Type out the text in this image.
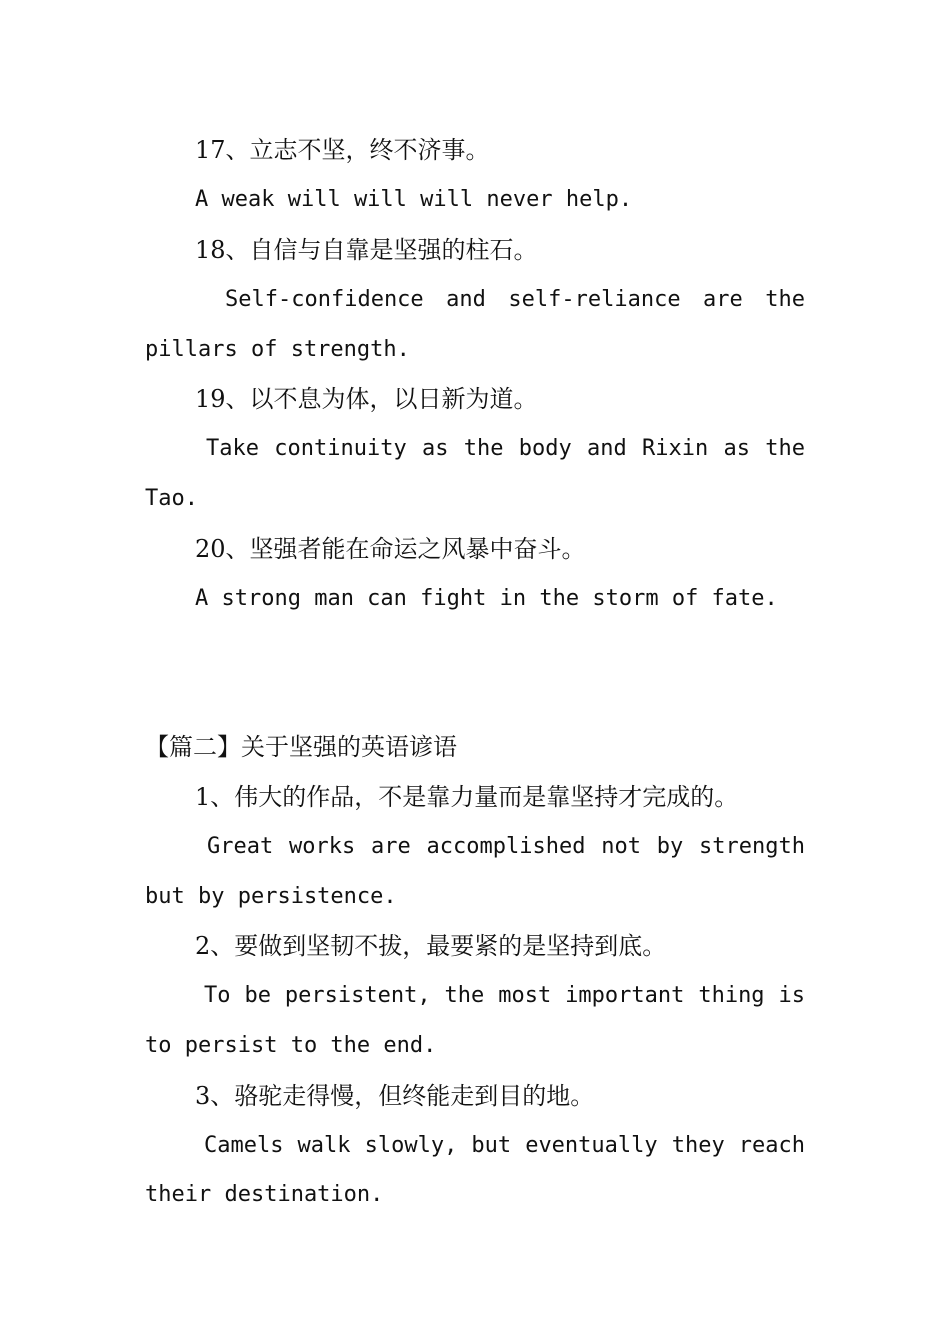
17、立志不坚，终不济事。
A weak will will will never help.
18、自信与自靠是坚强的柱石。
Self-confidence and self-reliance are the
pillars of strength.
19、以不息为体，以日新为道。
Take continuity as the body and Rixin as the
Tao.
20、坚强者能在命运之风暴中奋斗。
A strong man can fight in the storm of fate.
【篇二】关于坚强的英语谚语
1、伟大的作品，不是靠力量而是靠坚持才完成的。
Great works are accomplished not by strength
but by persistence.
2、要做到坚韧不拔，最要紧的是坚持到底。
To be persistent, the most important thing is
to persist to the end.
3、骆驼走得慢，但终能走到目的地。
Camels walk slowly, but eventually they reach
their destination.
